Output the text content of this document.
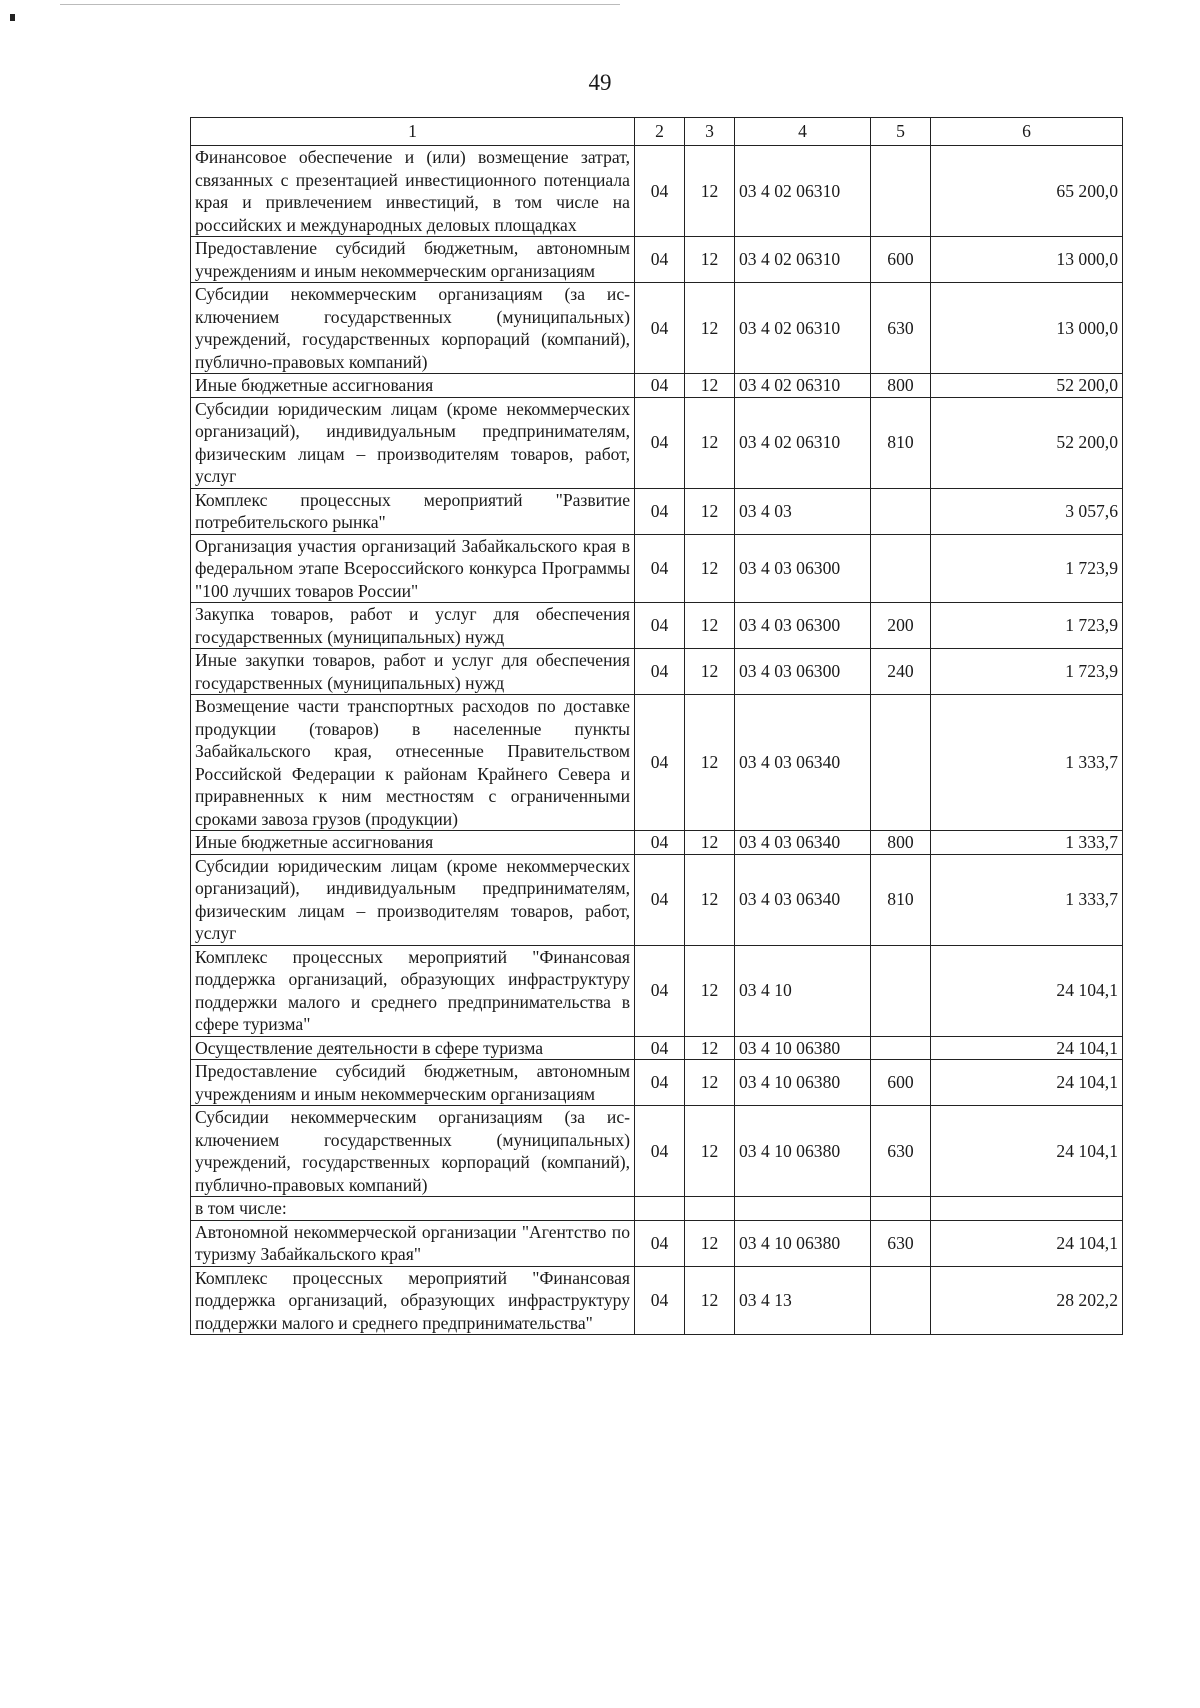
49
1	2	3	4	5	6
Финансовое обеспечение и (или) возмещение затрат, связанных с презентацией инвестиционного потенциала края и привлечением инвестиций, в том числе на российских и международных деловых площадках	04	12	03 4 02 06310		65 200,0
Предоставление субсидий бюджетным, автономным учреждениям и иным некоммерческим организациям	04	12	03 4 02 06310	600	13 000,0
Субсидии некоммерческим организациям (за исключением государственных (муниципальных) учреждений, государственных корпораций (компаний), публично-правовых компаний)	04	12	03 4 02 06310	630	13 000,0
Иные бюджетные ассигнования	04	12	03 4 02 06310	800	52 200,0
Субсидии юридическим лицам (кроме некоммерческих организаций), индивидуальным предпринимателям, физическим лицам – производителям товаров, работ, услуг	04	12	03 4 02 06310	810	52 200,0
Комплекс процессных мероприятий "Развитие потребительского рынка"	04	12	03 4 03		3 057,6
Организация участия организаций Забайкальского края в федеральном этапе Всероссийского конкурса Программы "100 лучших товаров России"	04	12	03 4 03 06300		1 723,9
Закупка товаров, работ и услуг для обеспечения государственных (муниципальных) нужд	04	12	03 4 03 06300	200	1 723,9
Иные закупки товаров, работ и услуг для обеспечения государственных (муниципальных) нужд	04	12	03 4 03 06300	240	1 723,9
Возмещение части транспортных расходов по доставке продукции (товаров) в населенные пункты Забайкальского края, отнесенные Правительством Российской Федерации к районам Крайнего Севера и приравненных к ним местностям с ограниченными сроками завоза грузов (продукции)	04	12	03 4 03 06340		1 333,7
Иные бюджетные ассигнования	04	12	03 4 03 06340	800	1 333,7
Субсидии юридическим лицам (кроме некоммерческих организаций), индивидуальным предпринимателям, физическим лицам – производителям товаров, работ, услуг	04	12	03 4 03 06340	810	1 333,7
Комплекс процессных мероприятий "Финансовая поддержка организаций, образующих инфраструктуру поддержки малого и среднего предпринимательства в сфере туризма"	04	12	03 4 10		24 104,1
Осуществление деятельности в сфере туризма	04	12	03 4 10 06380		24 104,1
Предоставление субсидий бюджетным, автономным учреждениям и иным некоммерческим организациям	04	12	03 4 10 06380	600	24 104,1
Субсидии некоммерческим организациям (за исключением государственных (муниципальных) учреждений, государственных корпораций (компаний), публично-правовых компаний)	04	12	03 4 10 06380	630	24 104,1
в том числе:					
Автономной некоммерческой организации "Агентство по туризму Забайкальского края"	04	12	03 4 10 06380	630	24 104,1
Комплекс процессных мероприятий "Финансовая поддержка организаций, образующих инфраструктуру поддержки малого и среднего предпринимательства"	04	12	03 4 13		28 202,2
